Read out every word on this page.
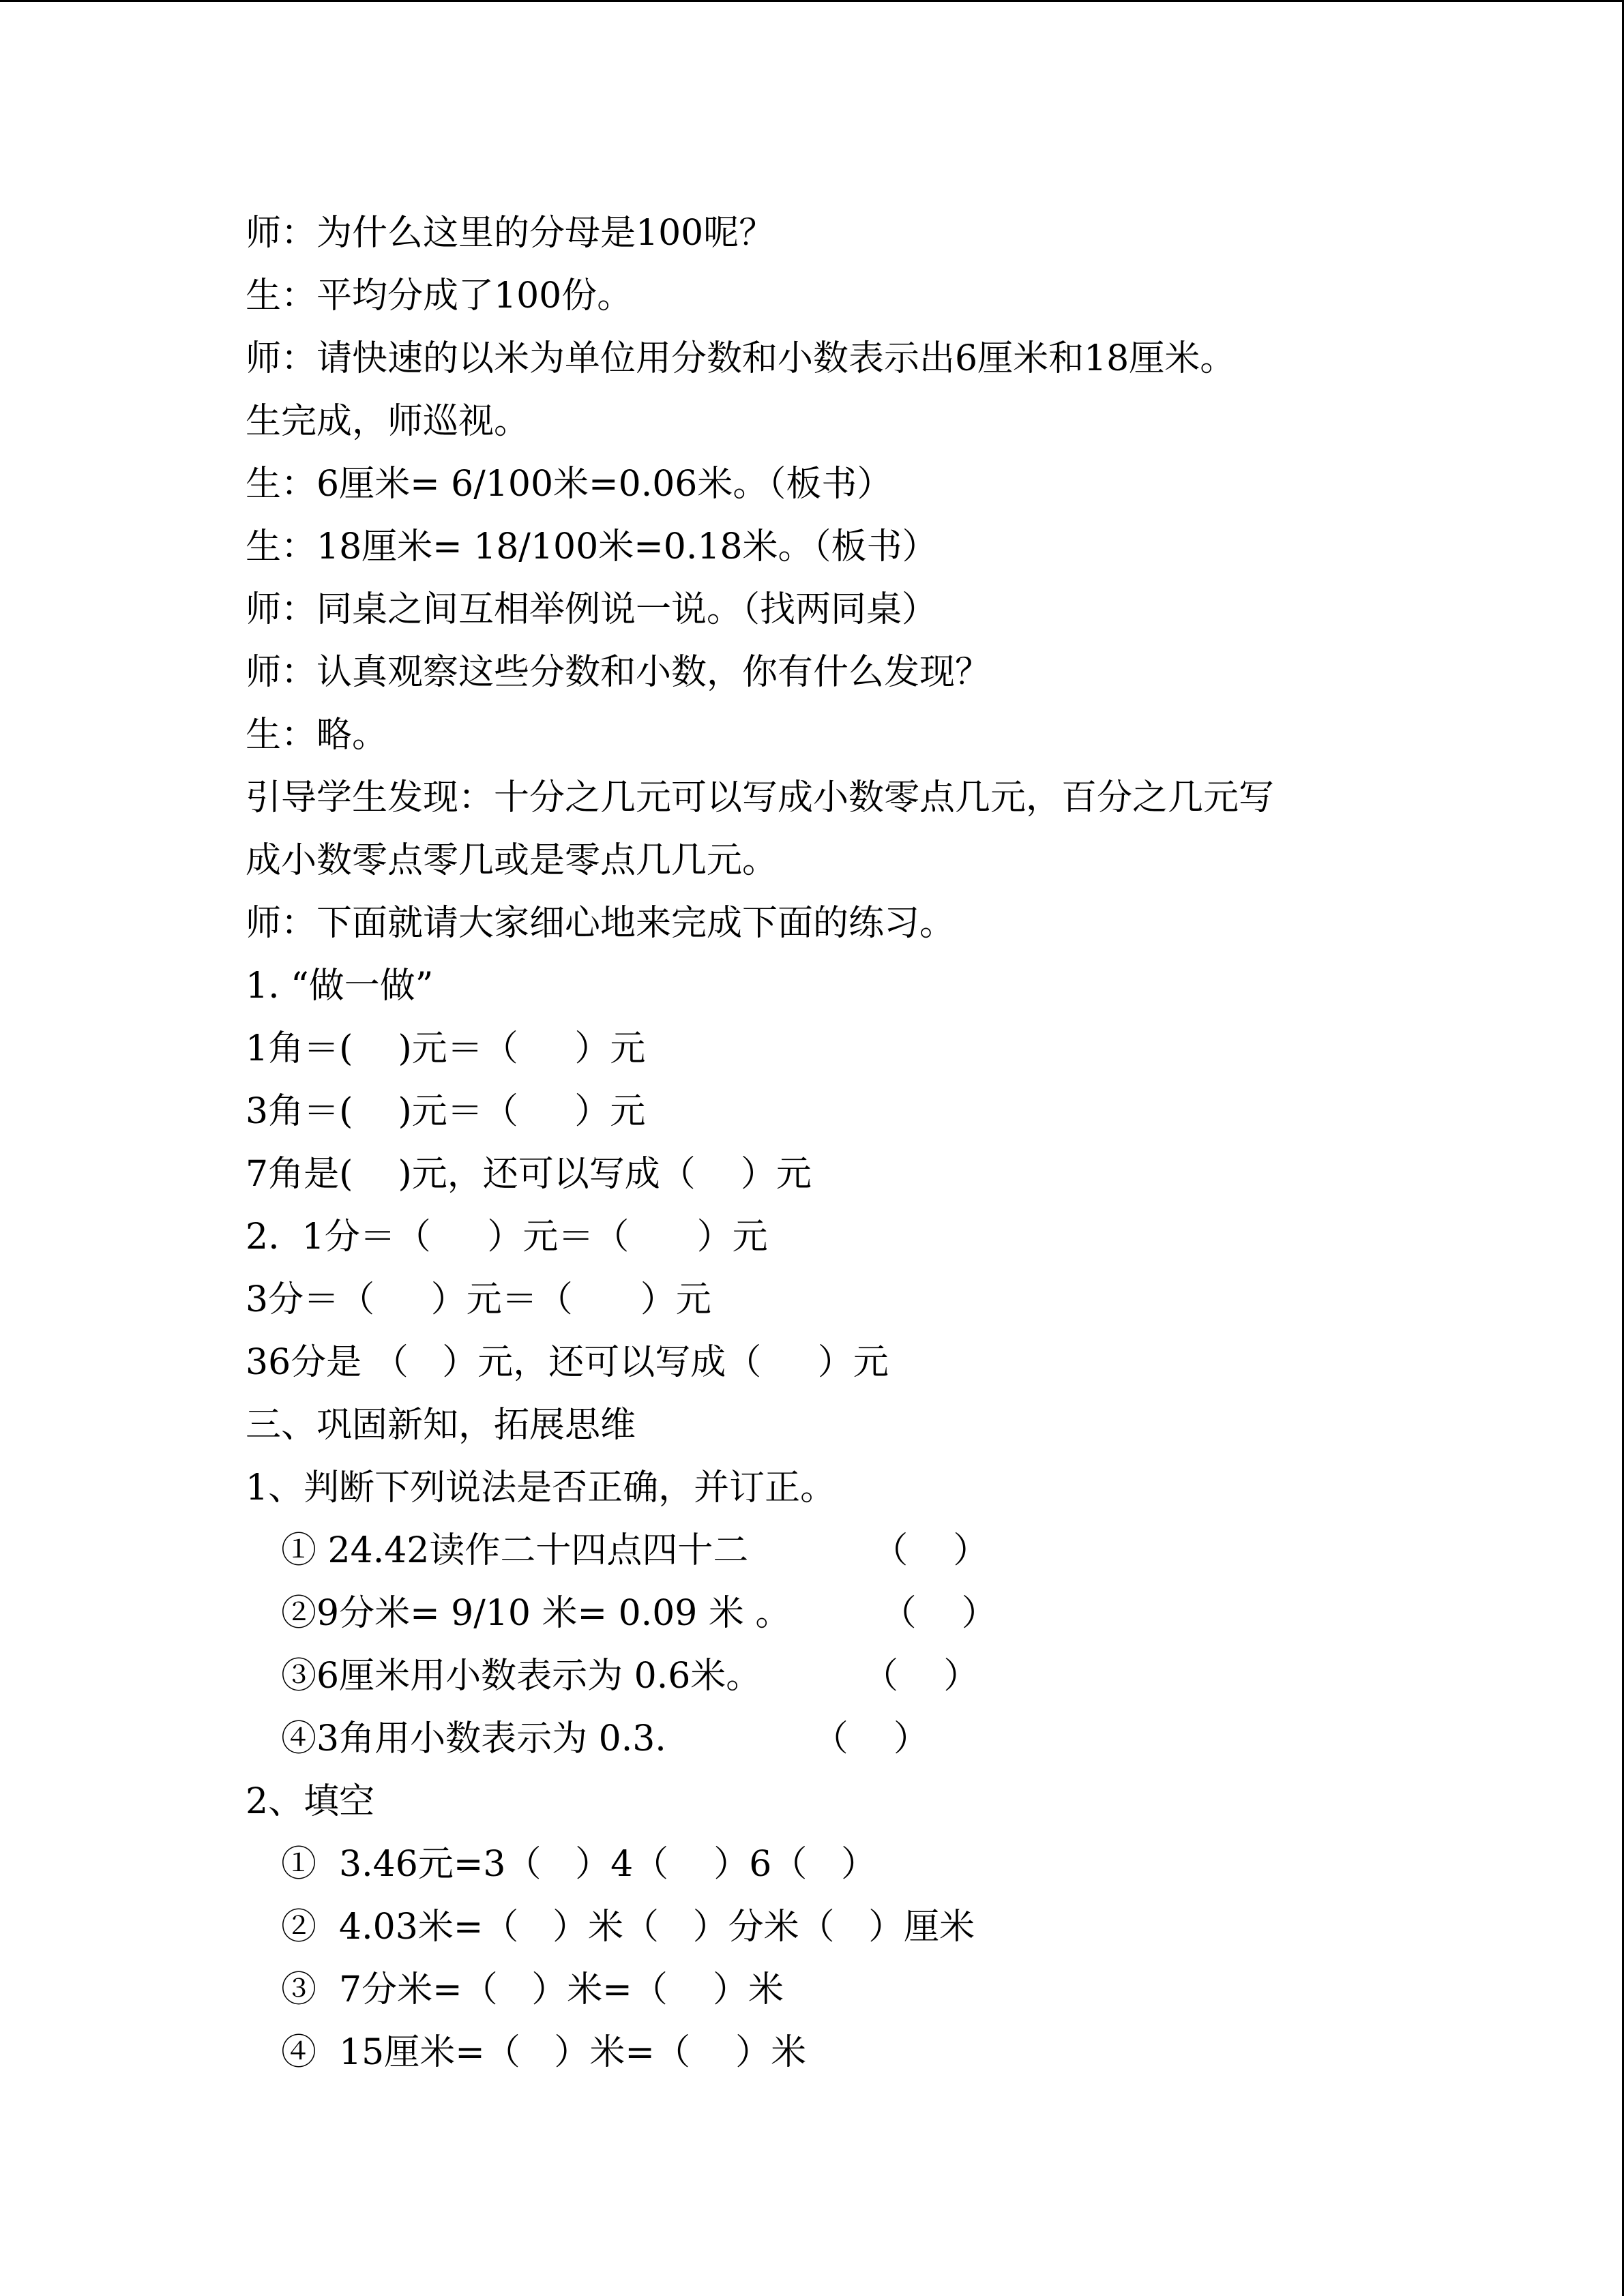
师：为什么这里的分母是100呢？

生：平均分成了100份。

师：请快速的以米为单位用分数和小数表示出6厘米和18厘米。

生完成，师巡视。

生：6厘米= 6/100米=0.06米。（板书）

生：18厘米= 18/100米=0.18米。（板书）

师：同桌之间互相举例说一说。（找两同桌）

师：认真观察这些分数和小数，你有什么发现？

生：略。

引导学生发现：十分之几元可以写成小数零点几元，百分之几元写

成小数零点零几或是零点几几元。

师：下面就请大家细心地来完成下面的练习。

1. “做一做”

1角＝(    )元＝（     ）元

3角＝(    )元＝（     ）元

7角是(    )元，还可以写成（    ）元

2.  1分＝（     ）元＝（      ）元

3分＝（     ）元＝（      ）元

36分是 （   ）元，还可以写成（     ）元

三、巩固新知，拓展思维

1、判断下列说法是否正确，并订正。

① 24.42读作二十四点四十二           （    ）

②9分米= 9/10 米= 0.09 米 。        （    ）

③6厘米用小数表示为 0.6米。         （    ）

④3角用小数表示为 0.3.             （    ）

2、填空

①  3.46元=3（   ）4（    ）6（   ）

②  4.03米=（   ）米（   ）分米（   ）厘米

③  7分米=（   ）米=（    ）米

④  15厘米=（   ）米=（    ）米
